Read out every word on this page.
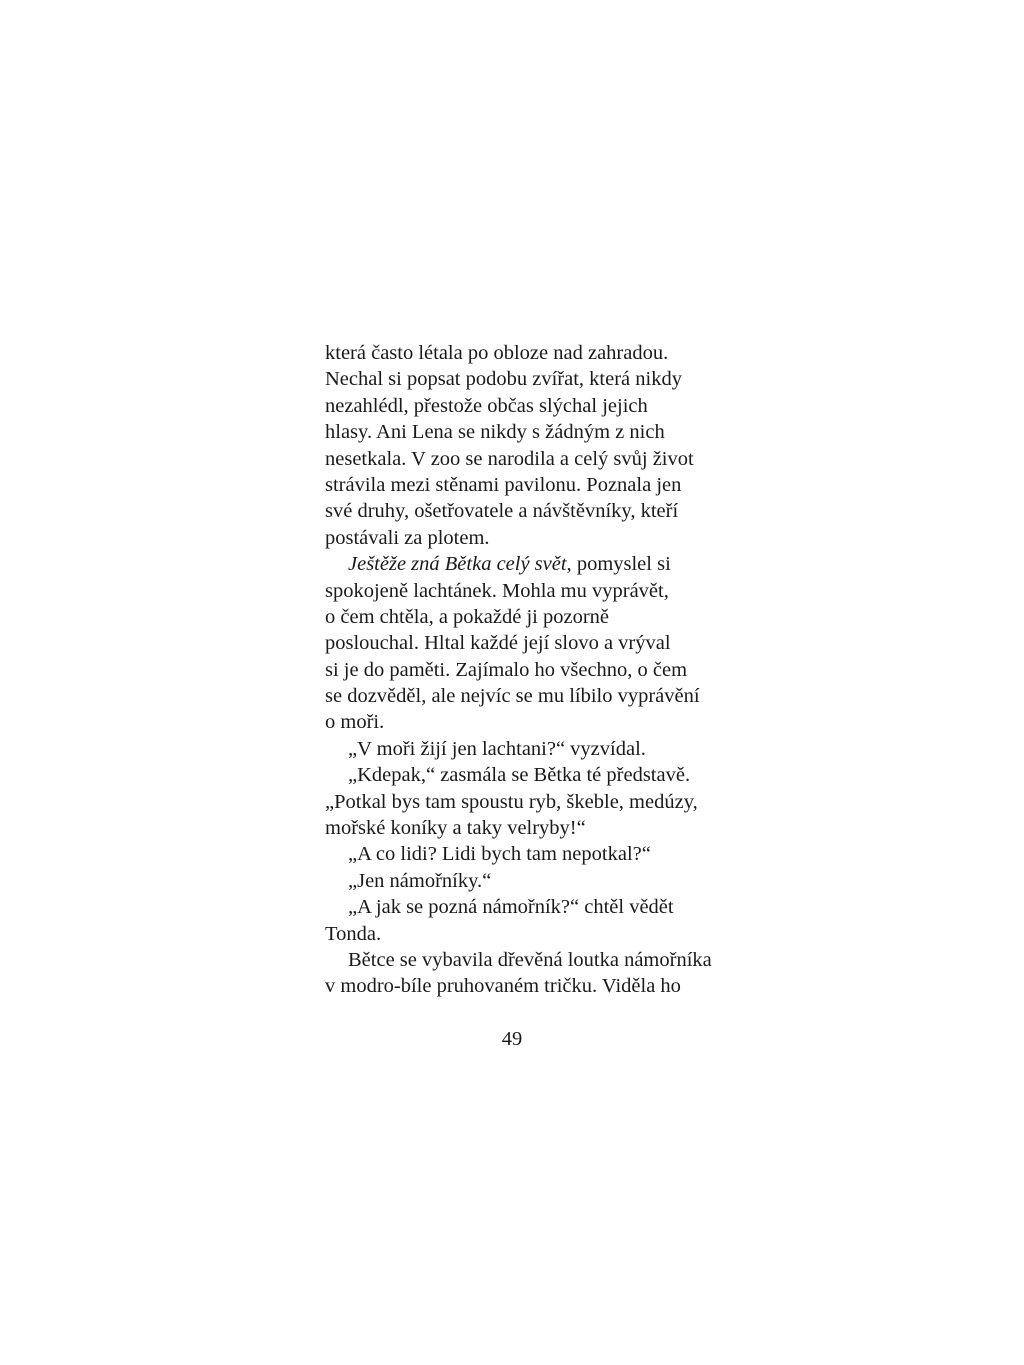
která často létala po obloze nad zahradou.
Nechal si popsat podobu zvířat, která nikdy
nezahlédl, přestože občas slýchal jejich
hlasy. Ani Lena se nikdy s žádným z nich
nesetkala. V zoo se narodila a celý svůj život
strávila mezi stěnami pavilonu. Poznala jen
své druhy, ošetřovatele a návštěvníky, kteří
postávali za plotem.
Ještěže zná Bětka celý svět, pomyslel si
spokojeně lachtánek. Mohla mu vyprávět,
o čem chtěla, a pokaždé ji pozorně
poslouchal. Hltal každé její slovo a vrýval
si je do paměti. Zajímalo ho všechno, o čem
se dozvěděl, ale nejvíc se mu líbilo vyprávění
o moři.
„V moři žijí jen lachtani?“ vyzvídal.
„Kdepak,“ zasmála se Bětka té představě.
„Potkal bys tam spoustu ryb, škeble, medúzy,
mořské koníky a taky velryby!“
„A co lidi? Lidi bych tam nepotkal?“
„Jen námořníky.“
„A jak se pozná námořník?“ chtěl vědět
Tonda.
Bětce se vybavila dřevěná loutka námořníka
v modro-bíle pruhovaném tričku. Viděla ho
49
